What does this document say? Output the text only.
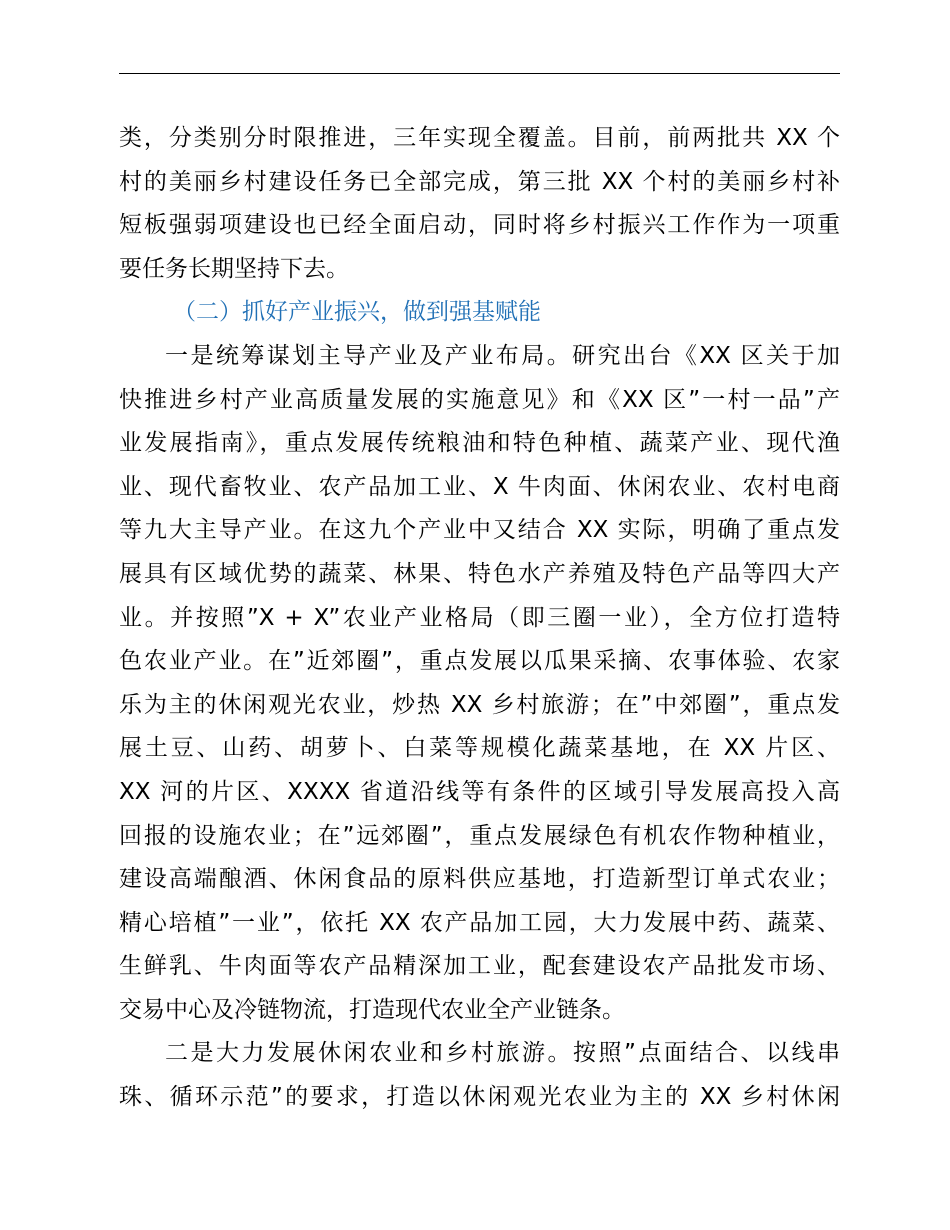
类，分类别分时限推进，三年实现全覆盖。目前，前两批共 XX 个
村的美丽乡村建设任务已全部完成，第三批 XX 个村的美丽乡村补
短板强弱项建设也已经全面启动，同时将乡村振兴工作作为一项重
要任务长期坚持下去。
（二）抓好产业振兴，做到强基赋能
一是统筹谋划主导产业及产业布局。研究出台《XX 区关于加
快推进乡村产业高质量发展的实施意见》和《XX 区”一村一品”产
业发展指南》，重点发展传统粮油和特色种植、蔬菜产业、现代渔
业、现代畜牧业、农产品加工业、X 牛肉面、休闲农业、农村电商
等九大主导产业。在这九个产业中又结合 XX 实际，明确了重点发
展具有区域优势的蔬菜、林果、特色水产养殖及特色产品等四大产
业。并按照”X + X”农业产业格局（即三圈一业），全方位打造特
色农业产业。在”近郊圈”，重点发展以瓜果采摘、农事体验、农家
乐为主的休闲观光农业，炒热 XX 乡村旅游；在”中郊圈”，重点发
展土豆、山药、胡萝卜、白菜等规模化蔬菜基地，在 XX 片区、
XX 河的片区、XXXX 省道沿线等有条件的区域引导发展高投入高
回报的设施农业；在”远郊圈”，重点发展绿色有机农作物种植业，
建设高端酿酒、休闲食品的原料供应基地，打造新型订单式农业；
精心培植”一业”，依托 XX 农产品加工园，大力发展中药、蔬菜、
生鲜乳、牛肉面等农产品精深加工业，配套建设农产品批发市场、
交易中心及冷链物流，打造现代农业全产业链条。
二是大力发展休闲农业和乡村旅游。按照”点面结合、以线串
珠、循环示范”的要求，打造以休闲观光农业为主的 XX 乡村休闲
